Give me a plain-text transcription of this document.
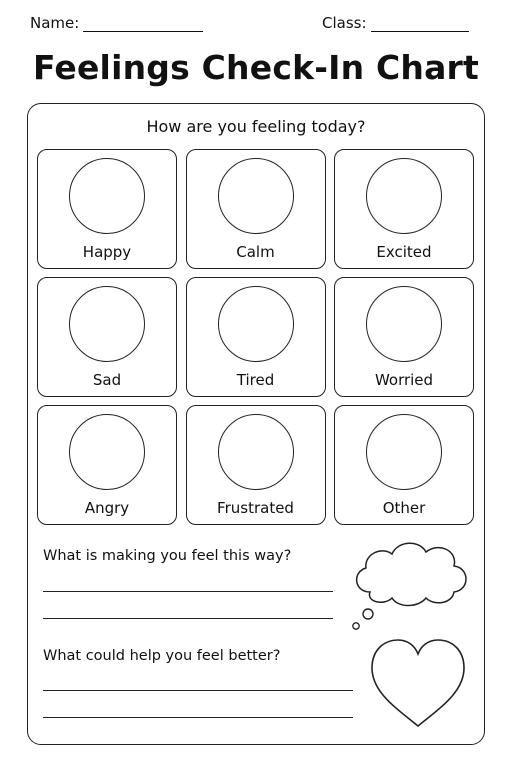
Name:	Class:
Feelings Check-In Chart
How are you feeling today?
Happy	Calm	Excited
Sad	Tired	Worried
Angry	Frustrated	Other
What is making you feel this way?
What could help you feel better?
